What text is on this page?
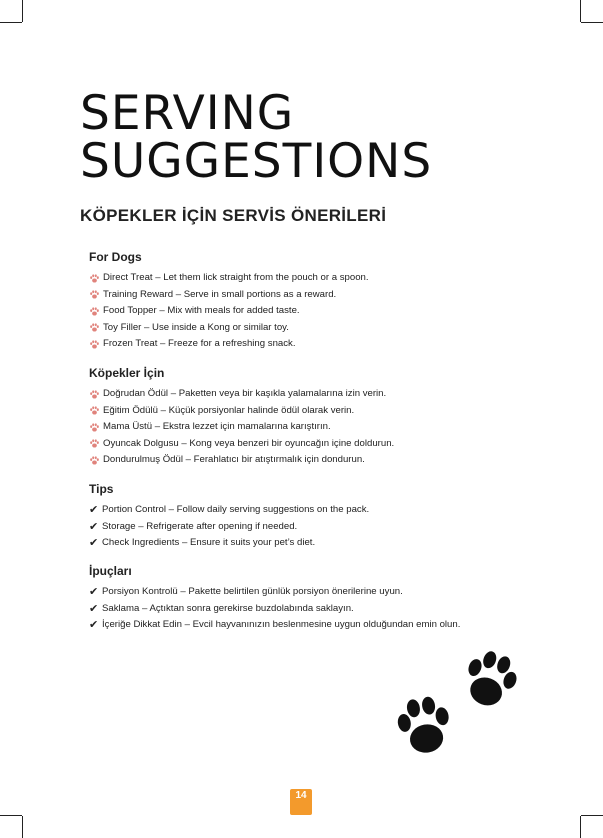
SERVING
SUGGESTIONS
KÖPEKLER İÇİN SERVİS ÖNERİLERİ
For Dogs
Direct Treat – Let them lick straight from the pouch or a spoon.
Training Reward – Serve in small portions as a reward.
Food Topper – Mix with meals for added taste.
Toy Filler – Use inside a Kong or similar toy.
Frozen Treat – Freeze for a refreshing snack.
Köpekler İçin
Doğrudan Ödül – Paketten veya bir kaşıkla yalamalarına izin verin.
Eğitim Ödülü – Küçük porsiyonlar halinde ödül olarak verin.
Mama Üstü – Ekstra lezzet için mamalarına karıştırın.
Oyuncak Dolgusu – Kong veya benzeri bir oyuncağın içine doldurun.
Dondurulmuş Ödül – Ferahlatıcı bir atıştırmalık için dondurun.
Tips
✔ Portion Control – Follow daily serving suggestions on the pack.
✔ Storage – Refrigerate after opening if needed.
✔ Check Ingredients – Ensure it suits your pet’s diet.
İpuçları
✔ Porsiyon Kontrolü – Pakette belirtilen günlük porsiyon önerilerine uyun.
✔ Saklama – Açtıktan sonra gerekirse buzdolabında saklayın.
✔ İçeriğe Dikkat Edin – Evcil hayvanınızın beslenmesine uygun olduğundan emin olun.
14
